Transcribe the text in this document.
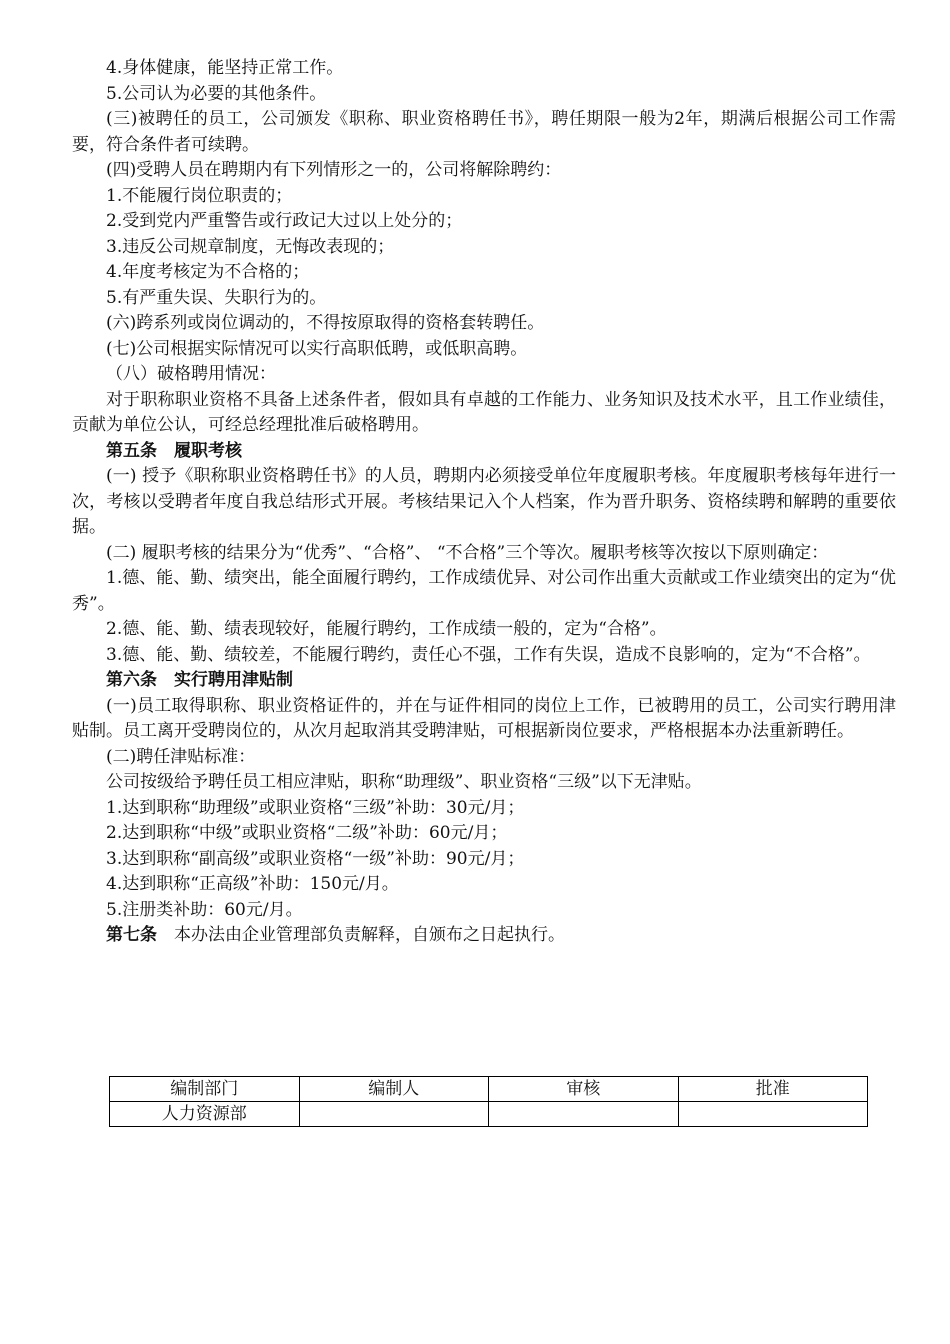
4.身体健康，能坚持正常工作。

5.公司认为必要的其他条件。

(三)被聘任的员工，公司颁发《职称、职业资格聘任书》，聘任期限一般为2年，期满后根据公司工作需要，符合条件者可续聘。

(四)受聘人员在聘期内有下列情形之一的，公司将解除聘约：

1.不能履行岗位职责的；

2.受到党内严重警告或行政记大过以上处分的；

3.违反公司规章制度，无悔改表现的；

4.年度考核定为不合格的；

5.有严重失误、失职行为的。

(六)跨系列或岗位调动的，不得按原取得的资格套转聘任。

(七)公司根据实际情况可以实行高职低聘，或低职高聘。

（八）破格聘用情况：

对于职称职业资格不具备上述条件者，假如具有卓越的工作能力、业务知识及技术水平，且工作业绩佳，贡献为单位公认，可经总经理批准后破格聘用。

第五条　履职考核

(一) 授予《职称职业资格聘任书》的人员，聘期内必须接受单位年度履职考核。年度履职考核每年进行一次，考核以受聘者年度自我总结形式开展。考核结果记入个人档案，作为晋升职务、资格续聘和解聘的重要依据。

(二) 履职考核的结果分为“优秀”、“合格”、 “不合格”三个等次。履职考核等次按以下原则确定：

1.德、能、勤、绩突出，能全面履行聘约，工作成绩优异、对公司作出重大贡献或工作业绩突出的定为“优秀”。

2.德、能、勤、绩表现较好，能履行聘约，工作成绩一般的，定为“合格”。

3.德、能、勤、绩较差，不能履行聘约，责任心不强，工作有失误，造成不良影响的，定为“不合格”。

第六条　实行聘用津贴制

(一)员工取得职称、职业资格证件的，并在与证件相同的岗位上工作，已被聘用的员工，公司实行聘用津贴制。员工离开受聘岗位的，从次月起取消其受聘津贴，可根据新岗位要求，严格根据本办法重新聘任。

(二)聘任津贴标准：

公司按级给予聘任员工相应津贴，职称“助理级”、职业资格“三级”以下无津贴。

1.达到职称“助理级”或职业资格“三级”补助：30元/月；

2.达到职称“中级”或职业资格“二级”补助：60元/月；

3.达到职称“副高级”或职业资格“一级”补助：90元/月；

4.达到职称“正高级”补助：150元/月。

5.注册类补助：60元/月。

第七条　本办法由企业管理部负责解释，自颁布之日起执行。

编制部门	编制人	审核	批准
人力资源部			
